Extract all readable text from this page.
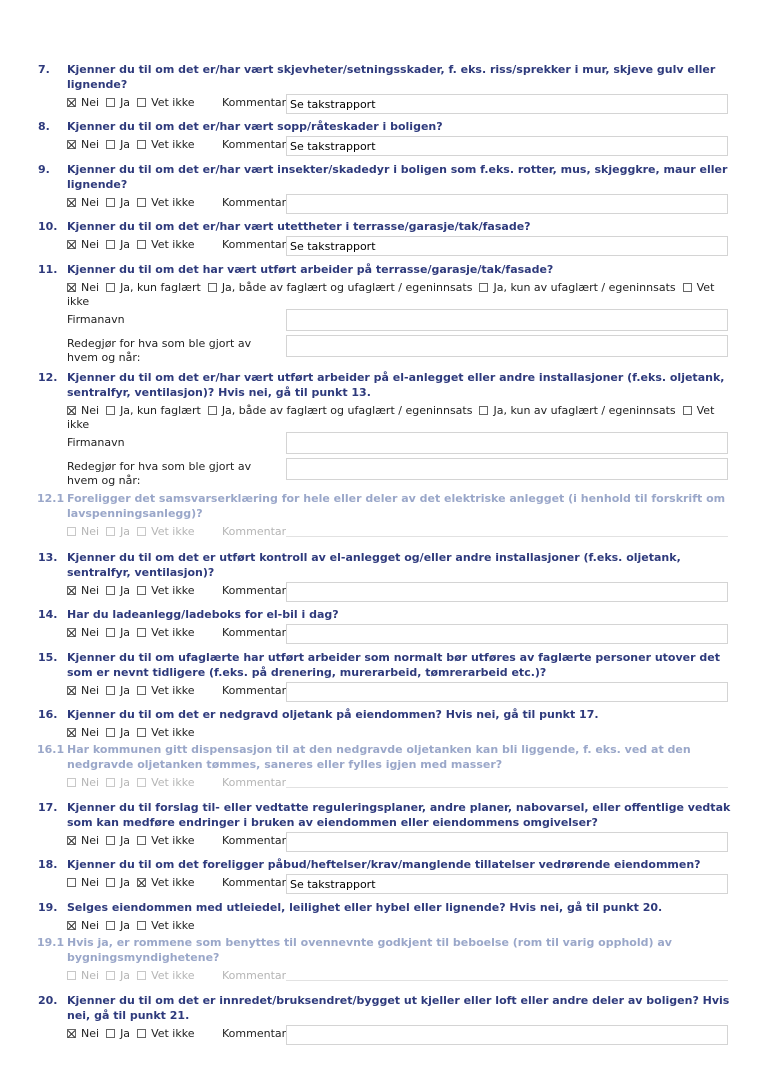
7. Kjenner du til om det er/har vært skjevheter/setningsskader, f. eks. riss/sprekker i mur, skjeve gulv eller lignende?
Nei Ja Vet ikke	Kommentar Se takstrapport
8. Kjenner du til om det er/har vært sopp/råteskader i boligen?
Nei Ja Vet ikke	Kommentar Se takstrapport
9. Kjenner du til om det er/har vært insekter/skadedyr i boligen som f.eks. rotter, mus, skjeggkre, maur eller lignende?
Nei Ja Vet ikke	Kommentar
10. Kjenner du til om det er/har vært utettheter i terrasse/garasje/tak/fasade?
Nei Ja Vet ikke	Kommentar Se takstrapport
11. Kjenner du til om det har vært utført arbeider på terrasse/garasje/tak/fasade?
Nei Ja, kun faglært Ja, både av faglært og ufaglært / egeninnsats Ja, kun av ufaglært / egeninnsats Vet
ikke
Firmanavn
Redegjør for hva som ble gjort av
hvem og når:
12. Kjenner du til om det er/har vært utført arbeider på el-anlegget eller andre installasjoner (f.eks. oljetank, sentralfyr, ventilasjon)? Hvis nei, gå til punkt 13.
Nei Ja, kun faglært Ja, både av faglært og ufaglært / egeninnsats Ja, kun av ufaglært / egeninnsats Vet
ikke
Firmanavn
Redegjør for hva som ble gjort av
hvem og når:
12.1 Foreligger det samsvarserklæring for hele eller deler av det elektriske anlegget (i henhold til forskrift om lavspenningsanlegg)?
Nei Ja Vet ikke	Kommentar
13. Kjenner du til om det er utført kontroll av el-anlegget og/eller andre installasjoner (f.eks. oljetank, sentralfyr, ventilasjon)?
Nei Ja Vet ikke	Kommentar
14. Har du ladeanlegg/ladeboks for el-bil i dag?
Nei Ja Vet ikke	Kommentar
15. Kjenner du til om ufaglærte har utført arbeider som normalt bør utføres av faglærte personer utover det som er nevnt tidligere (f.eks. på drenering, murerarbeid, tømrerarbeid etc.)?
Nei Ja Vet ikke	Kommentar
16. Kjenner du til om det er nedgravd oljetank på eiendommen? Hvis nei, gå til punkt 17.
Nei Ja Vet ikke
16.1 Har kommunen gitt dispensasjon til at den nedgravde oljetanken kan bli liggende, f. eks. ved at den nedgravde oljetanken tømmes, saneres eller fylles igjen med masser?
Nei Ja Vet ikke	Kommentar
17. Kjenner du til forslag til- eller vedtatte reguleringsplaner, andre planer, nabovarsel, eller offentlige vedtak som kan medføre endringer i bruken av eiendommen eller eiendommens omgivelser?
Nei Ja Vet ikke	Kommentar
18. Kjenner du til om det foreligger påbud/heftelser/krav/manglende tillatelser vedrørende eiendommen?
Nei Ja Vet ikke	Kommentar Se takstrapport
19. Selges eiendommen med utleiedel, leilighet eller hybel eller lignende? Hvis nei, gå til punkt 20.
Nei Ja Vet ikke
19.1 Hvis ja, er rommene som benyttes til ovennevnte godkjent til beboelse (rom til varig opphold) av bygningsmyndighetene?
Nei Ja Vet ikke	Kommentar
20. Kjenner du til om det er innredet/bruksendret/bygget ut kjeller eller loft eller andre deler av boligen? Hvis nei, gå til punkt 21.
Nei Ja Vet ikke	Kommentar
